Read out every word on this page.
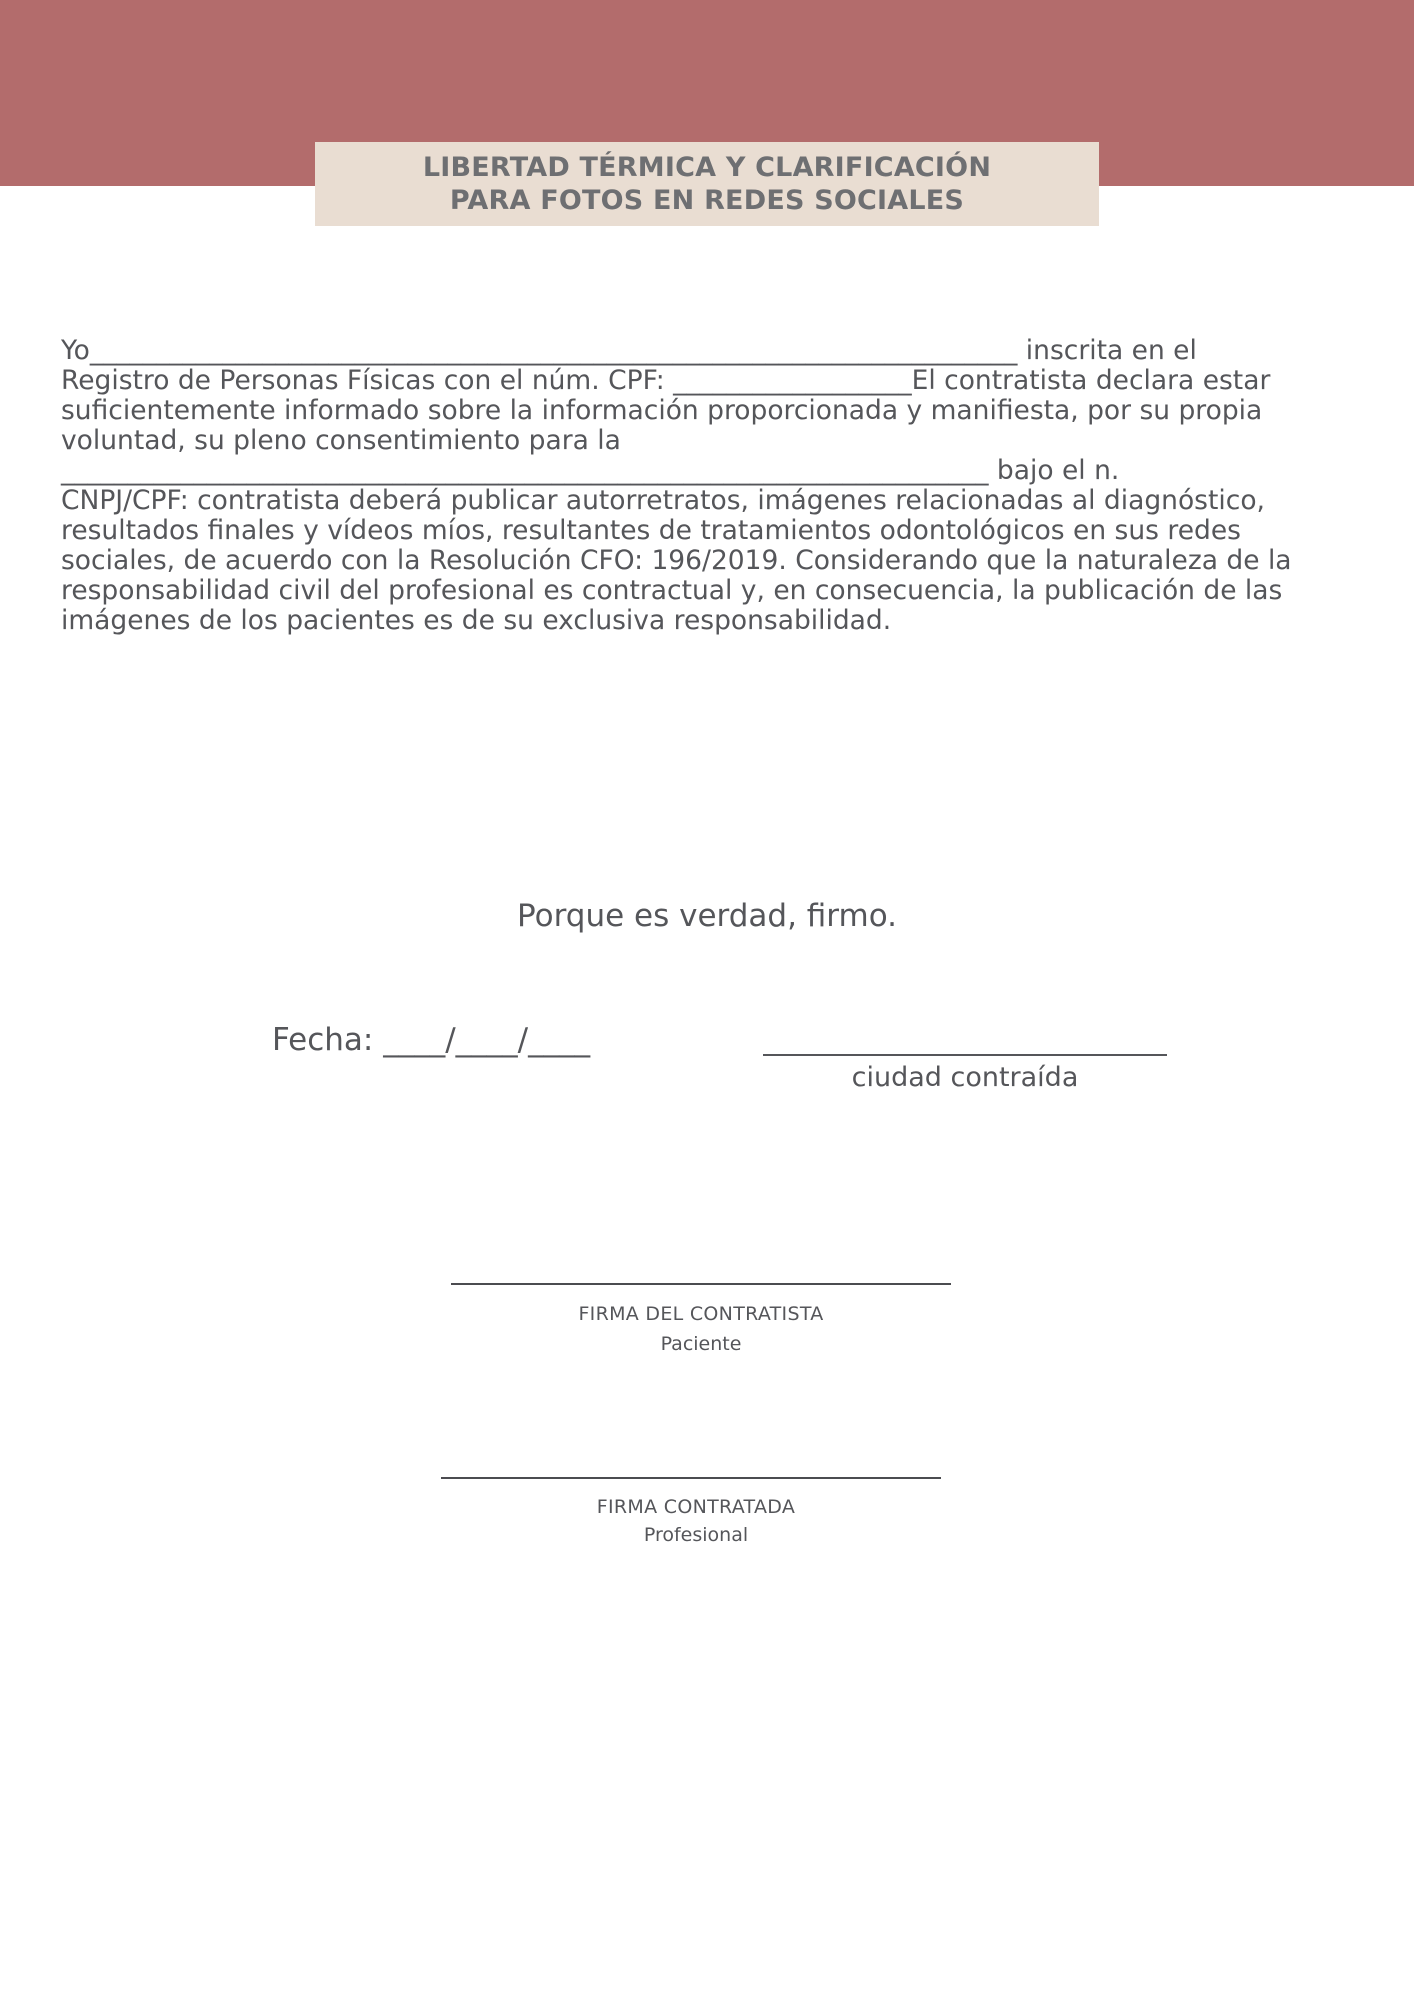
LIBERTAD TÉRMICA Y CLARIFICACIÓN
PARA FOTOS EN REDES SOCIALES
Yo______________________________________________________________________ inscrita en el
Registro de Personas Físicas con el núm. CPF: __________________El contratista declara estar
suficientemente informado sobre la información proporcionada y manifiesta, por su propia
voluntad, su pleno consentimiento para la
______________________________________________________________________ bajo el n.
CNPJ/CPF: contratista deberá publicar autorretratos, imágenes relacionadas al diagnóstico,
resultados finales y vídeos míos, resultantes de tratamientos odontológicos en sus redes
sociales, de acuerdo con la Resolución CFO: 196/2019. Considerando que la naturaleza de la
responsabilidad civil del profesional es contractual y, en consecuencia, la publicación de las
imágenes de los pacientes es de su exclusiva responsabilidad.
Porque es verdad, firmo.
Fecha: ____/____/____
ciudad contraída
FIRMA DEL CONTRATISTA
Paciente
FIRMA CONTRATADA
Profesional
